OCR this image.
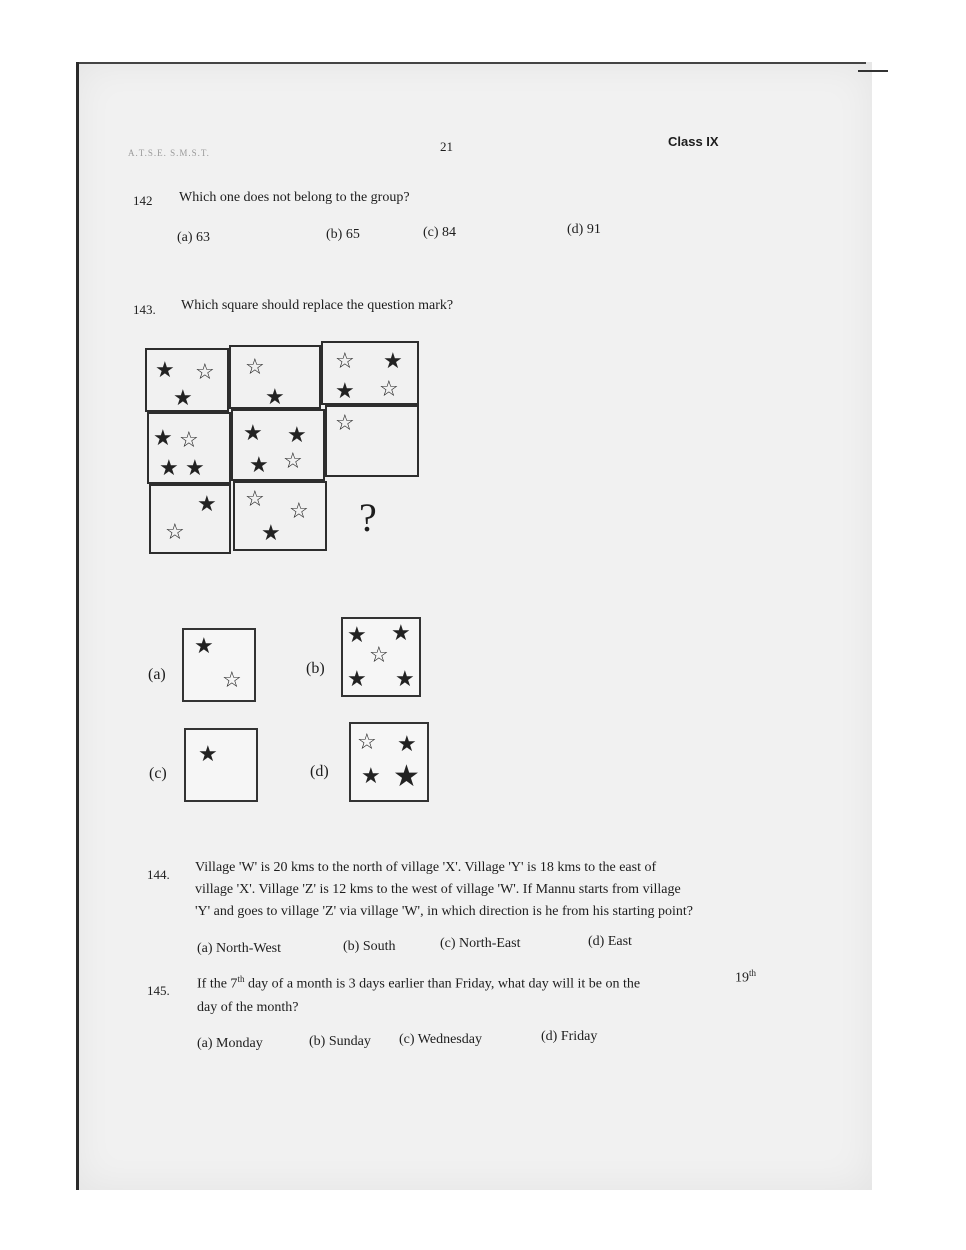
A.T.S.E. S.M.S.T.	21	Class IX
142 Which one does not belong to the group?
(a) 63	(b) 65	(c) 84	(d) 91
143. Which square should replace the question mark?
★ ☆
★
☆
★
☆ ★
★ ☆
★ ☆
★ ★
★ ★
★ ☆
☆
★
☆
☆ ☆
★ ?
(a)
★
☆	(b)
★ ★
☆
★ ★
(c)
★
(d)
☆ ★
★ ★
144. Village 'W' is 20 kms to the north of village 'X'. Village 'Y' is 18 kms to the east of
village 'X'. Village 'Z' is 12 kms to the west of village 'W'. If Mannu starts from village
'Y' and goes to village 'Z' via village 'W', in which direction is he from his starting point?
(a) North-West	(b) South	(c) North-East	(d) East
145. If the 7th day of a month is 3 days earlier than Friday, what day will it be on the	19th
day of the month?
(a) Monday	(b) Sunday (c) Wednesday	(d) Friday
